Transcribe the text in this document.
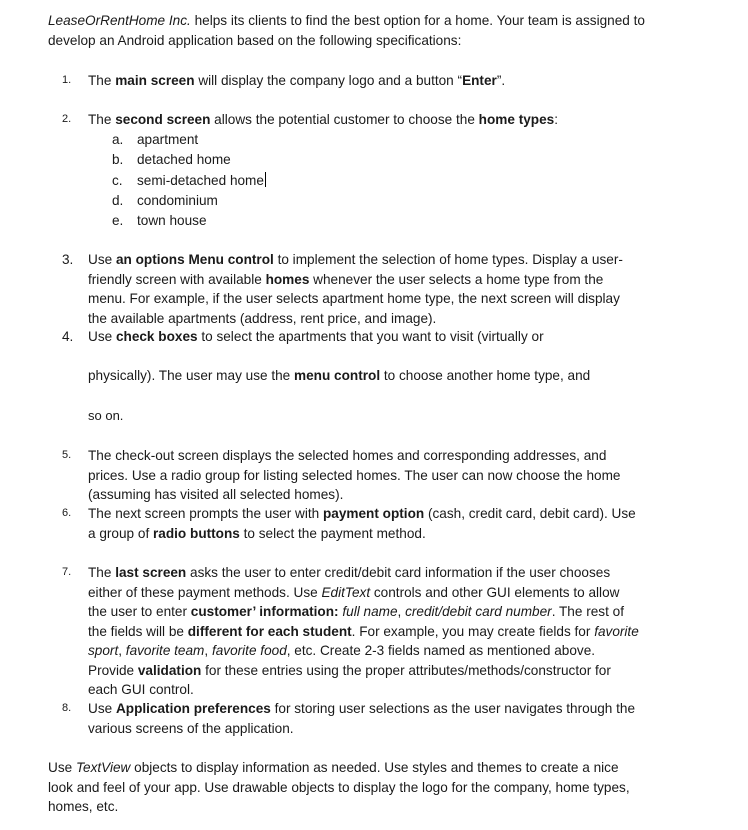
LeaseOrRentHome Inc. helps its clients to find the best option for a home. Your team is assigned to
develop an Android application based on the following specifications:
1.	The main screen will display the company logo and a button “Enter”.
2.	The second screen allows the potential customer to choose the home types:
a.	apartment
b.	detached home
c.	semi-detached home
d.	condominium
e.	town house
3.	Use an options Menu control to implement the selection of home types. Display a user-
friendly screen with available homes whenever the user selects a home type from the
menu. For example, if the user selects apartment home type, the next screen will display
the available apartments (address, rent price, and image).
4.	Use check boxes to select the apartments that you want to visit (virtually or
physically). The user may use the menu control to choose another home type, and
so on.
5.	The check-out screen displays the selected homes and corresponding addresses, and
prices. Use a radio group for listing selected homes. The user can now choose the home
(assuming has visited all selected homes).
6.	The next screen prompts the user with payment option (cash, credit card, debit card). Use
a group of radio buttons to select the payment method.
7.	The last screen asks the user to enter credit/debit card information if the user chooses
either of these payment methods. Use EditText controls and other GUI elements to allow
the user to enter customer’ information: full name, credit/debit card number. The rest of
the fields will be different for each student. For example, you may create fields for favorite
sport, favorite team, favorite food, etc. Create 2-3 fields named as mentioned above.
Provide validation for these entries using the proper attributes/methods/constructor for
each GUI control.
8.	Use Application preferences for storing user selections as the user navigates through the
various screens of the application.
Use TextView objects to display information as needed. Use styles and themes to create a nice
look and feel of your app. Use drawable objects to display the logo for the company, home types,
homes, etc.
